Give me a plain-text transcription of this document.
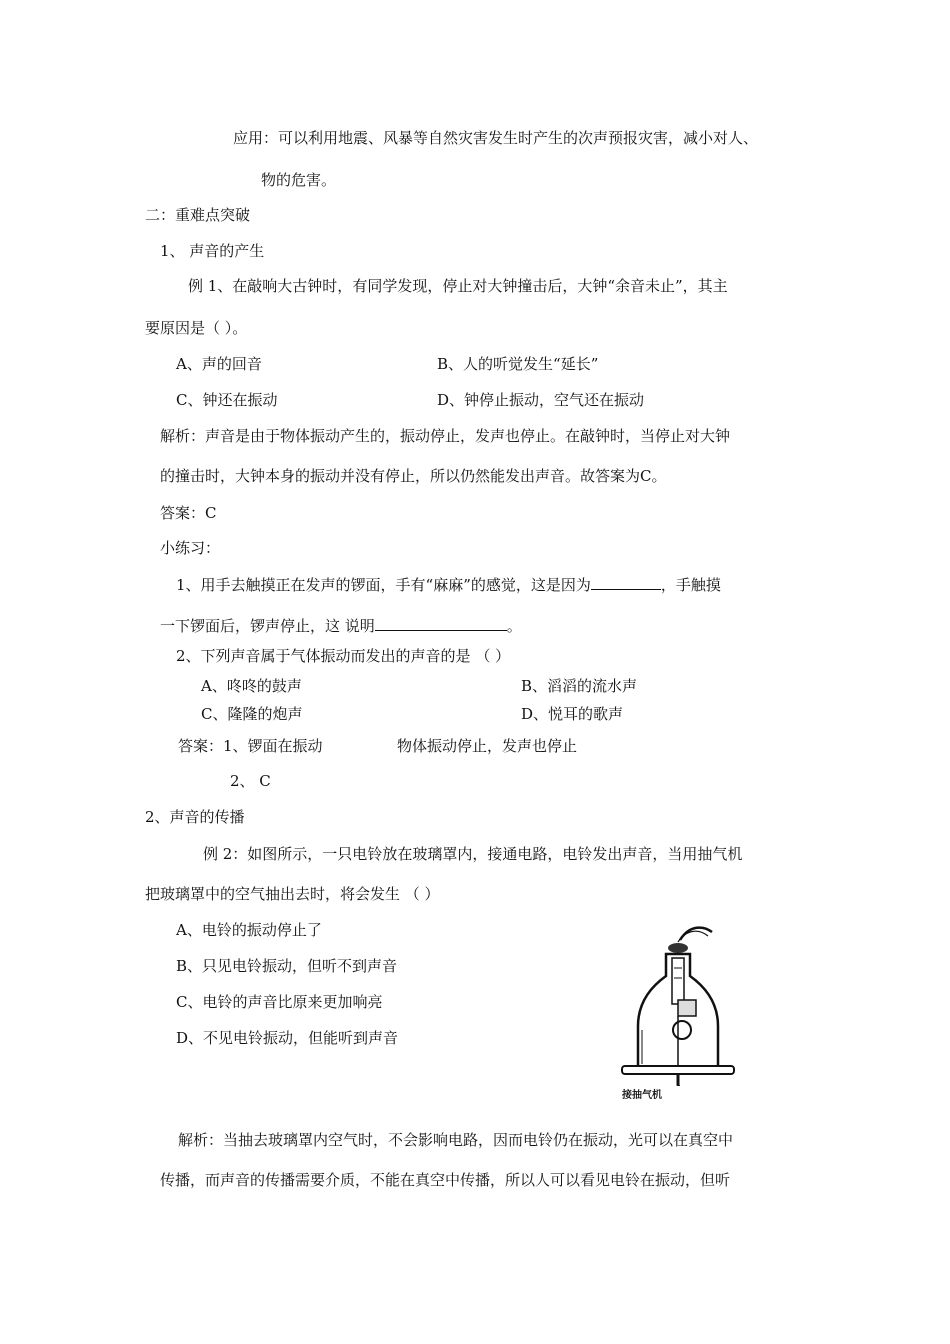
应用：可以利用地震、风暴等自然灾害发生时产生的次声预报灾害，减小对人、
物的危害。
二：重难点突破
1、 声音的产生
例 1、在敲响大古钟时，有同学发现，停止对大钟撞击后，大钟“余音未止”，其主
要原因是（ ）。
A、声的回音	B、人的听觉发生“延长”
C、钟还在振动	D、钟停止振动，空气还在振动
解析：声音是由于物体振动产生的，振动停止，发声也停止。在敲钟时，当停止对大钟
的撞击时，大钟本身的振动并没有停止，所以仍然能发出声音。故答案为C。
答案：C
小练习：
1、用手去触摸正在发声的锣面，手有“麻麻”的感觉，这是因为	，手触摸
一下锣面后，锣声停止，这 说明	。
2、下列声音属于气体振动而发出的声音的是 （ ）
A、咚咚的鼓声	B、滔滔的流水声
C、隆隆的炮声	D、悦耳的歌声
答案：1、锣面在振动	物体振动停止，发声也停止
2、 C
2、声音的传播
例 2：如图所示，一只电铃放在玻璃罩内，接通电路，电铃发出声音，当用抽气机
把玻璃罩中的空气抽出去时，将会发生 （ ）
A、电铃的振动停止了
B、只见电铃振动，但听不到声音
C、电铃的声音比原来更加响亮
D、不见电铃振动，但能听到声音
接抽气机
解析：当抽去玻璃罩内空气时，不会影响电路，因而电铃仍在振动，光可以在真空中
传播，而声音的传播需要介质，不能在真空中传播，所以人可以看见电铃在振动，但听
